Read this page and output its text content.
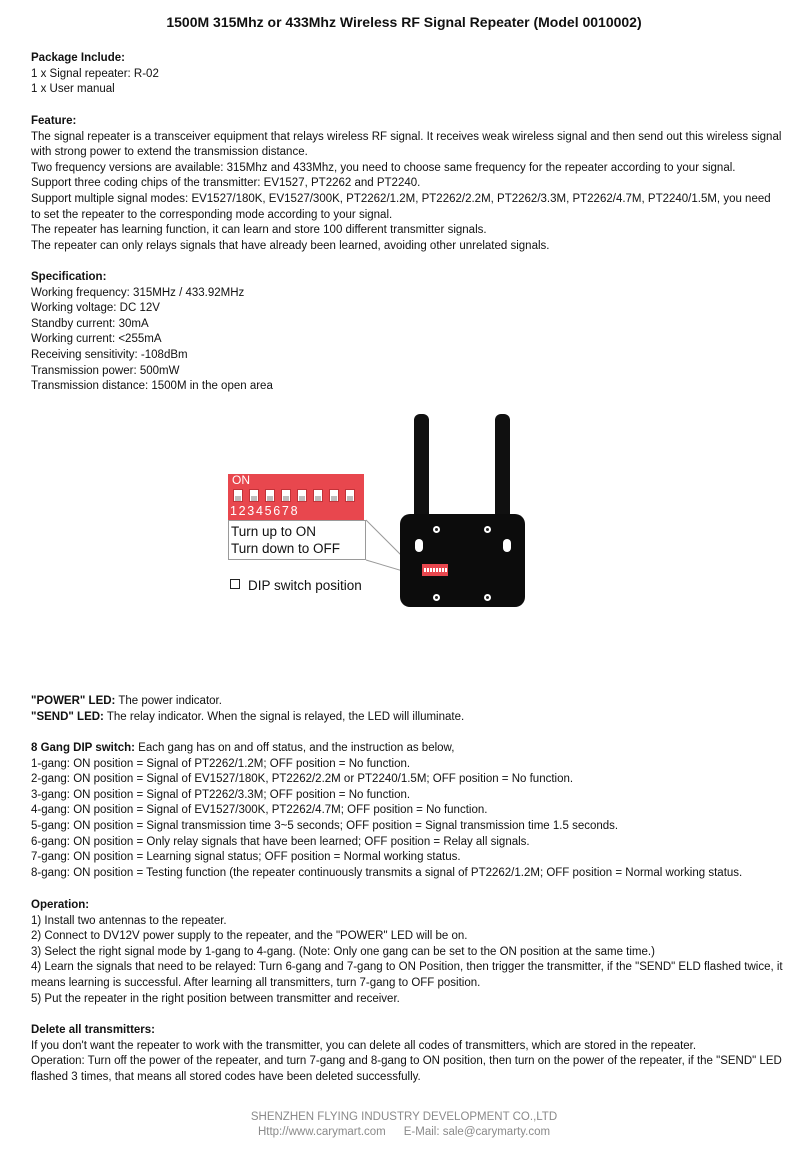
1500M 315Mhz or 433Mhz Wireless RF Signal Repeater (Model 0010002)

Package Include:

1 x Signal repeater: R-02

1 x User manual

Feature:

The signal repeater is a transceiver equipment that relays wireless RF signal. It receives weak wireless signal and then send out this wireless signal with strong power to extend the transmission distance.

Two frequency versions are available: 315Mhz and 433Mhz, you need to choose same frequency for the repeater according to your signal.

Support three coding chips of the transmitter: EV1527, PT2262 and PT2240.

Support multiple signal modes: EV1527/180K, EV1527/300K, PT2262/1.2M, PT2262/2.2M, PT2262/3.3M, PT2262/4.7M, PT2240/1.5M, you need to set the repeater to the corresponding mode according to your signal.

The repeater has learning function, it can learn and store 100 different transmitter signals.

The repeater can only relays signals that have already been learned, avoiding other unrelated signals.

Specification:

Working frequency: 315MHz / 433.92MHz

Working voltage: DC 12V

Standby current: 30mA

Working current: <255mA

Receiving sensitivity: -108dBm

Transmission power: 500mW

Transmission distance: 1500M in the open area

ON
12345678
Turn up to ON
Turn down to OFF
DIP switch position

"POWER" LED: The power indicator.

"SEND" LED: The relay indicator. When the signal is relayed, the LED will illuminate.

8 Gang DIP switch: Each gang has on and off status, and the instruction as below,

1-gang: ON position = Signal of PT2262/1.2M; OFF position = No function.

2-gang: ON position = Signal of EV1527/180K, PT2262/2.2M or PT2240/1.5M; OFF position = No function.

3-gang: ON position = Signal of PT2262/3.3M; OFF position = No function.

4-gang: ON position = Signal of EV1527/300K, PT2262/4.7M; OFF position = No function.

5-gang: ON position = Signal transmission time 3~5 seconds; OFF position = Signal transmission time 1.5 seconds.

6-gang: ON position = Only relay signals that have been learned; OFF position = Relay all signals.

7-gang: ON position = Learning signal status; OFF position = Normal working status.

8-gang: ON position = Testing function (the repeater continuously transmits a signal of PT2262/1.2M; OFF position = Normal working status.

Operation:

1) Install two antennas to the repeater.

2) Connect to DV12V power supply to the repeater, and the "POWER" LED will be on.

3) Select the right signal mode by 1-gang to 4-gang. (Note: Only one gang can be set to the ON position at the same time.)

4) Learn the signals that need to be relayed: Turn 6-gang and 7-gang to ON Position, then trigger the transmitter, if the "SEND" ELD flashed twice, it means learning is successful. After learning all transmitters, turn 7-gang to OFF position.

5) Put the repeater in the right position between transmitter and receiver.

Delete all transmitters:

If you don't want the repeater to work with the transmitter, you can delete all codes of transmitters, which are stored in the repeater.

Operation: Turn off the power of the repeater, and turn 7-gang and 8-gang to ON position, then turn on the power of the repeater, if the "SEND" LED flashed 3 times, that means all stored codes have been deleted successfully.

SHENZHEN FLYING INDUSTRY DEVELOPMENT CO.,LTD
Http://www.carymart.com E-Mail: sale@carymarty.com
